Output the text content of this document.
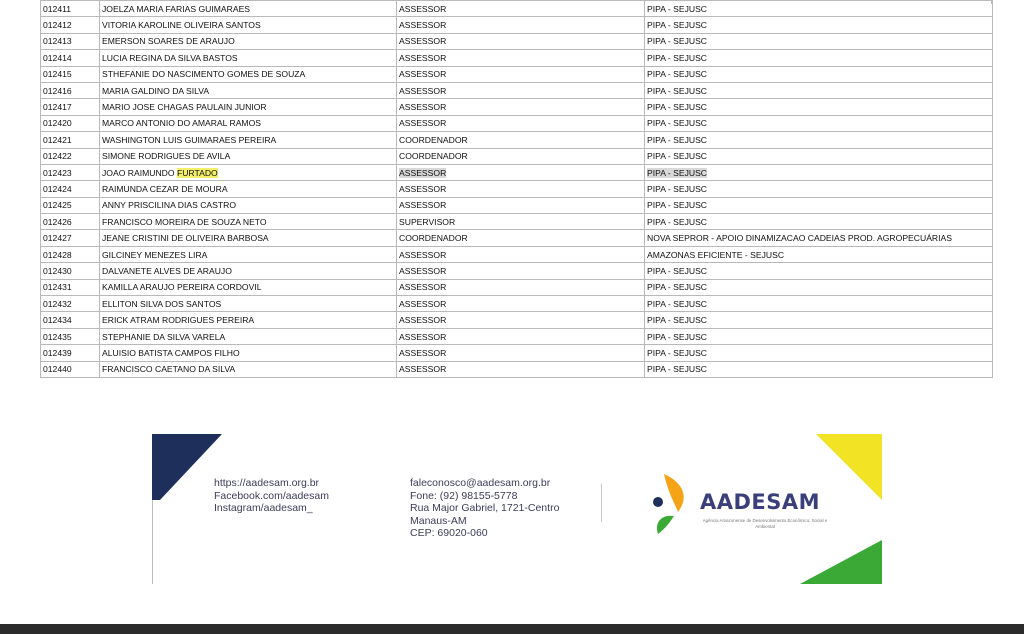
012411	JOELZA MARIA FARIAS GUIMARAES	ASSESSOR	PIPA - SEJUSC
012412	VITORIA KAROLINE OLIVEIRA SANTOS	ASSESSOR	PIPA - SEJUSC
012413	EMERSON SOARES DE ARAUJO	ASSESSOR	PIPA - SEJUSC
012414	LUCIA REGINA DA SILVA BASTOS	ASSESSOR	PIPA - SEJUSC
012415	STHEFANIE DO NASCIMENTO GOMES DE SOUZA	ASSESSOR	PIPA - SEJUSC
012416	MARIA GALDINO DA SILVA	ASSESSOR	PIPA - SEJUSC
012417	MARIO JOSE CHAGAS PAULAIN JUNIOR	ASSESSOR	PIPA - SEJUSC
012420	MARCO ANTONIO DO AMARAL RAMOS	ASSESSOR	PIPA - SEJUSC
012421	WASHINGTON LUIS GUIMARAES PEREIRA	COORDENADOR	PIPA - SEJUSC
012422	SIMONE RODRIGUES DE AVILA	COORDENADOR	PIPA - SEJUSC
012423	JOAO RAIMUNDO FURTADO	ASSESSOR	PIPA - SEJUSC
012424	RAIMUNDA CEZAR DE MOURA	ASSESSOR	PIPA - SEJUSC
012425	ANNY PRISCILINA DIAS CASTRO	ASSESSOR	PIPA - SEJUSC
012426	FRANCISCO MOREIRA DE SOUZA NETO	SUPERVISOR	PIPA - SEJUSC
012427	JEANE CRISTINI DE OLIVEIRA BARBOSA	COORDENADOR	NOVA SEPROR - APOIO DINAMIZACAO CADEIAS PROD. AGROPECUÁRIAS
012428	GILCINEY MENEZES LIRA	ASSESSOR	AMAZONAS EFICIENTE - SEJUSC
012430	DALVANETE ALVES DE ARAUJO	ASSESSOR	PIPA - SEJUSC
012431	KAMILLA ARAUJO PEREIRA CORDOVIL	ASSESSOR	PIPA - SEJUSC
012432	ELLITON SILVA DOS SANTOS	ASSESSOR	PIPA - SEJUSC
012434	ERICK ATRAM RODRIGUES PEREIRA	ASSESSOR	PIPA - SEJUSC
012435	STEPHANIE DA SILVA VARELA	ASSESSOR	PIPA - SEJUSC
012439	ALUISIO BATISTA CAMPOS FILHO	ASSESSOR	PIPA - SEJUSC
012440	FRANCISCO CAETANO DA SILVA	ASSESSOR	PIPA - SEJUSC
https://aadesam.org.br
Facebook.com/aadesam
Instagram/aadesam_
faleconosco@aadesam.org.br
Fone: (92) 98155-5778
Rua Major Gabriel, 1721-Centro
Manaus-AM
CEP: 69020-060
AADESAM
Agência Amazonense de Desenvolvimento Econômico, Social e Ambiental
